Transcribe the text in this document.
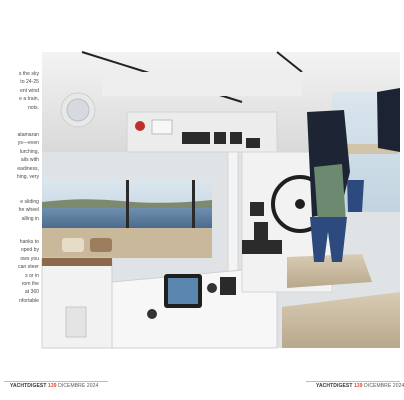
s the sky
to 24-25
ent wind
e a train,
nots.
atamaran
ys—even
lurching,
ails with
eadiness,
hing, very
e sliding
he wheel
alling in
hanks to
oped by
ows you
can steer
s or in
rom the
at 360
nfortable
YACHTDIGEST 139 DICEMBRE 2024	YACHTDIGEST 139 DICEMBRE 2024
